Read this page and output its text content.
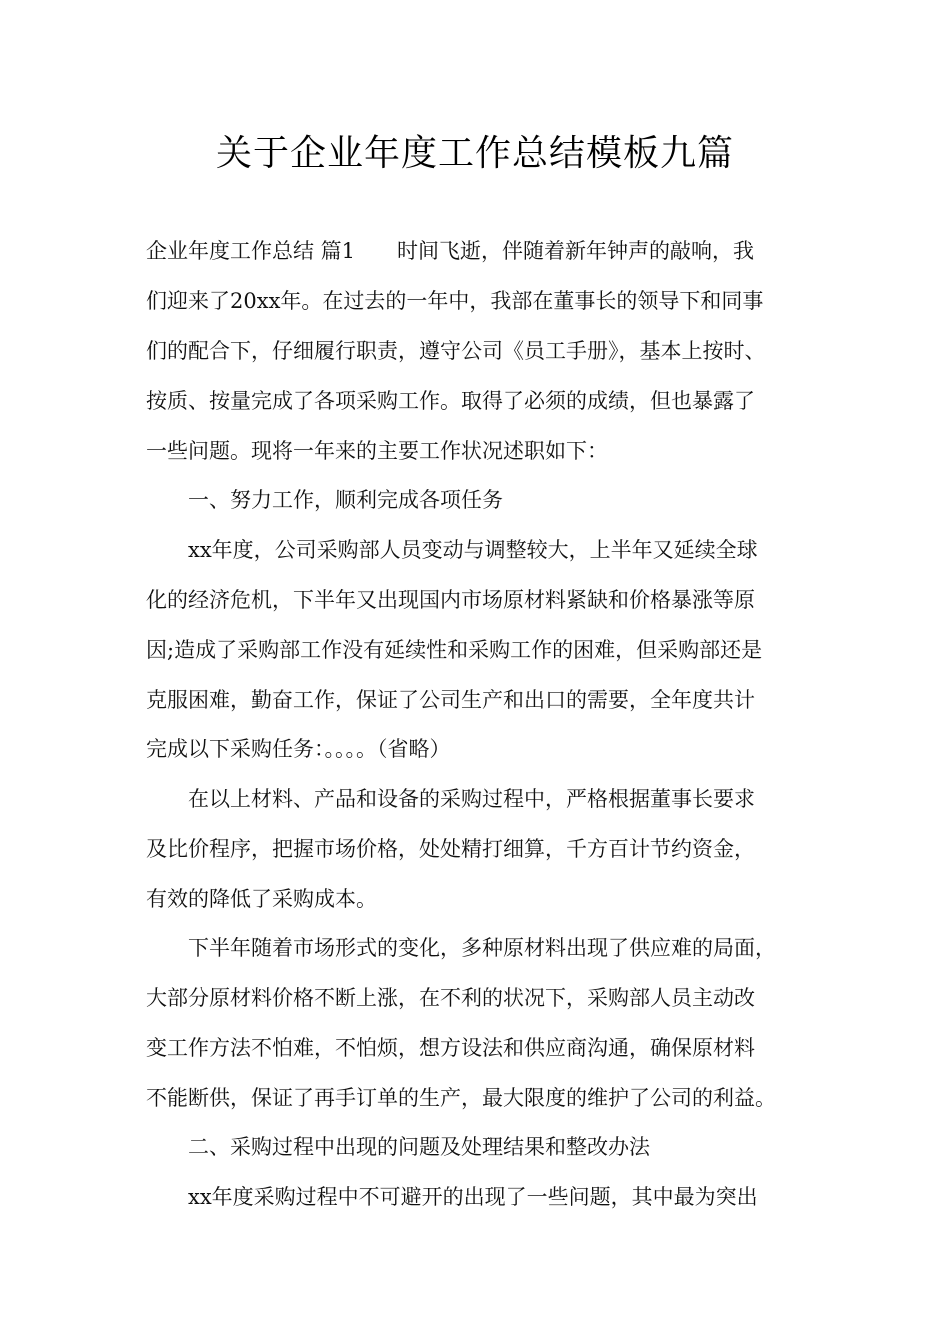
关于企业年度工作总结模板九篇
企业年度工作总结 篇1 时间飞逝，伴随着新年钟声的敲响，我
们迎来了20xx年。在过去的一年中，我部在董事长的领导下和同事
们的配合下，仔细履行职责，遵守公司《员工手册》，基本上按时、
按质、按量完成了各项采购工作。取得了必须的成绩，但也暴露了
一些问题。现将一年来的主要工作状况述职如下：
一、努力工作，顺利完成各项任务
xx年度，公司采购部人员变动与调整较大，上半年又延续全球
化的经济危机，下半年又出现国内市场原材料紧缺和价格暴涨等原
因;造成了采购部工作没有延续性和采购工作的困难，但采购部还是
克服困难，勤奋工作，保证了公司生产和出口的需要，全年度共计
完成以下采购任务：。。。。（省略）
在以上材料、产品和设备的采购过程中，严格根据董事长要求
及比价程序，把握市场价格，处处精打细算，千方百计节约资金，
有效的降低了采购成本。
下半年随着市场形式的变化，多种原材料出现了供应难的局面，
大部分原材料价格不断上涨，在不利的状况下，采购部人员主动改
变工作方法不怕难，不怕烦，想方设法和供应商沟通，确保原材料
不能断供，保证了再手订单的生产，最大限度的维护了公司的利益。
二、采购过程中出现的问题及处理结果和整改办法
xx年度采购过程中不可避开的出现了一些问题，其中最为突出
